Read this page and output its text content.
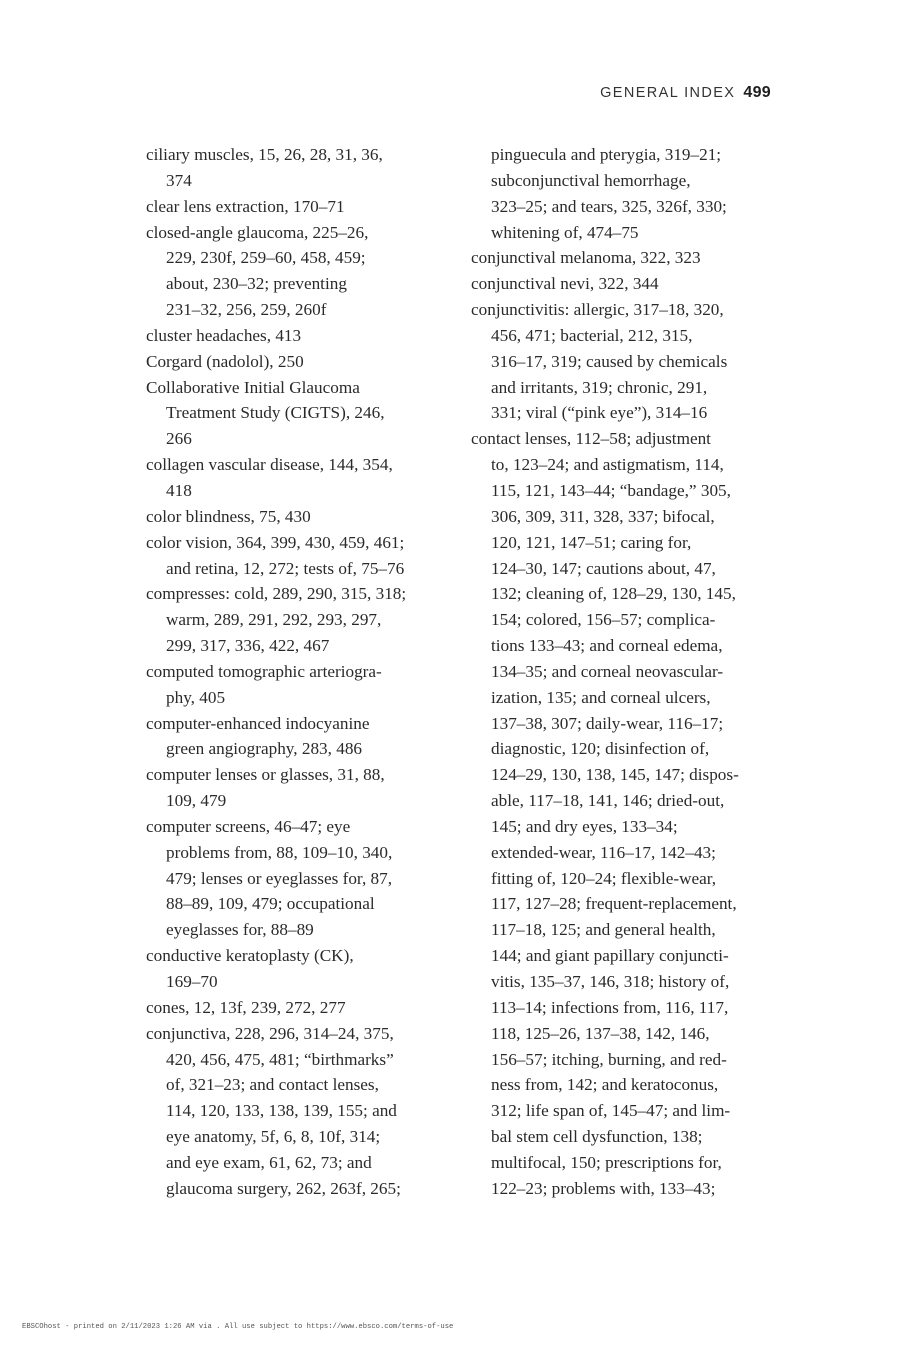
GENERAL INDEX 499
ciliary muscles, 15, 26, 28, 31, 36,
374
clear lens extraction, 170–71
closed-angle glaucoma, 225–26,
229, 230f, 259–60, 458, 459;
about, 230–32; preventing
231–32, 256, 259, 260f
cluster headaches, 413
Corgard (nadolol), 250
Collaborative Initial Glaucoma
Treatment Study (CIGTS), 246,
266
collagen vascular disease, 144, 354,
418
color blindness, 75, 430
color vision, 364, 399, 430, 459, 461;
and retina, 12, 272; tests of, 75–76
compresses: cold, 289, 290, 315, 318;
warm, 289, 291, 292, 293, 297,
299, 317, 336, 422, 467
computed tomographic arteriogra-
phy, 405
computer-enhanced indocyanine
green angiography, 283, 486
computer lenses or glasses, 31, 88,
109, 479
computer screens, 46–47; eye
problems from, 88, 109–10, 340,
479; lenses or eyeglasses for, 87,
88–89, 109, 479; occupational
eyeglasses for, 88–89
conductive keratoplasty (CK),
169–70
cones, 12, 13f, 239, 272, 277
conjunctiva, 228, 296, 314–24, 375,
420, 456, 475, 481; “birthmarks”
of, 321–23; and contact lenses,
114, 120, 133, 138, 139, 155; and
eye anatomy, 5f, 6, 8, 10f, 314;
and eye exam, 61, 62, 73; and
glaucoma surgery, 262, 263f, 265;
pinguecula and pterygia, 319–21;
subconjunctival hemorrhage,
323–25; and tears, 325, 326f, 330;
whitening of, 474–75
conjunctival melanoma, 322, 323
conjunctival nevi, 322, 344
conjunctivitis: allergic, 317–18, 320,
456, 471; bacterial, 212, 315,
316–17, 319; caused by chemicals
and irritants, 319; chronic, 291,
331; viral (“pink eye”), 314–16
contact lenses, 112–58; adjustment
to, 123–24; and astigmatism, 114,
115, 121, 143–44; “bandage,” 305,
306, 309, 311, 328, 337; bifocal,
120, 121, 147–51; caring for,
124–30, 147; cautions about, 47,
132; cleaning of, 128–29, 130, 145,
154; colored, 156–57; complica-
tions 133–43; and corneal edema,
134–35; and corneal neovascular-
ization, 135; and corneal ulcers,
137–38, 307; daily-wear, 116–17;
diagnostic, 120; disinfection of,
124–29, 130, 138, 145, 147; dispos-
able, 117–18, 141, 146; dried-out,
145; and dry eyes, 133–34;
extended-wear, 116–17, 142–43;
fitting of, 120–24; flexible-wear,
117, 127–28; frequent-replacement,
117–18, 125; and general health,
144; and giant papillary conjuncti-
vitis, 135–37, 146, 318; history of,
113–14; infections from, 116, 117,
118, 125–26, 137–38, 142, 146,
156–57; itching, burning, and red-
ness from, 142; and keratoconus,
312; life span of, 145–47; and lim-
bal stem cell dysfunction, 138;
multifocal, 150; prescriptions for,
122–23; problems with, 133–43;
EBSCOhost - printed on 2/11/2023 1:26 AM via . All use subject to https://www.ebsco.com/terms-of-use
